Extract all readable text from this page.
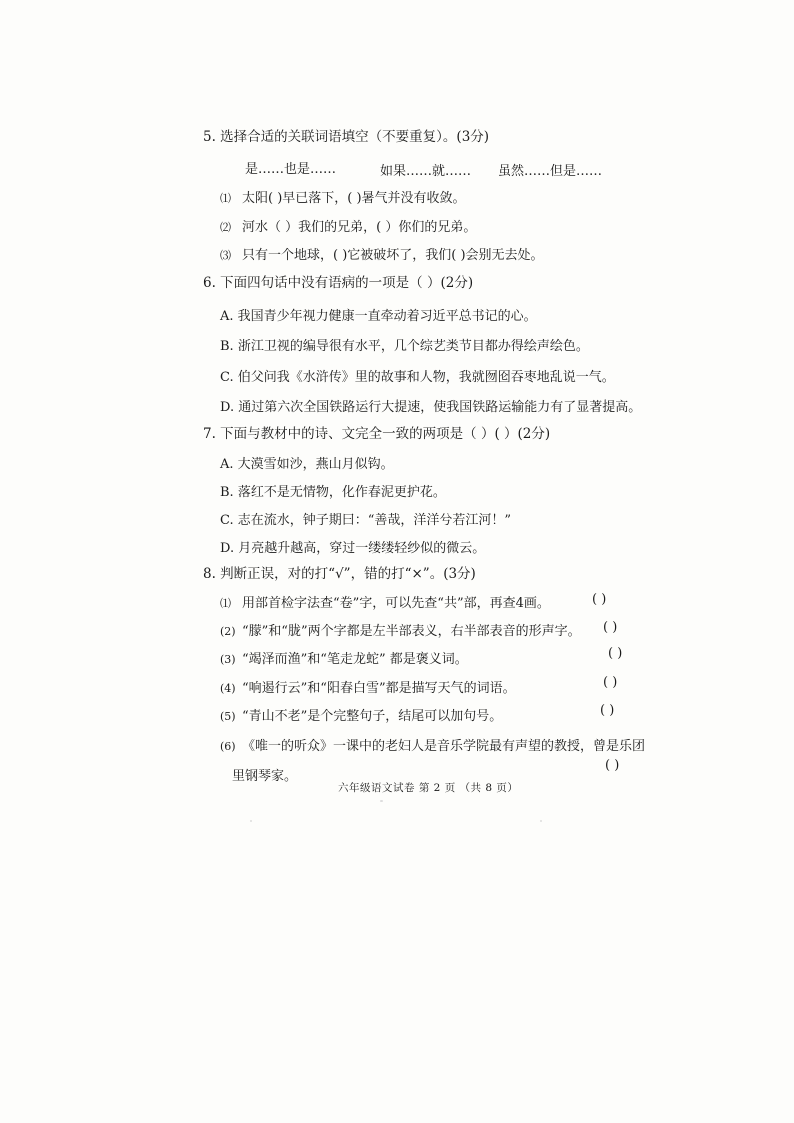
5. 选择合适的关联词语填空（不要重复）。(3分)
是……也是……	如果……就…… 虽然……但是……
⑴ 太阳( )早已落下，( )暑气并没有收敛。
⑵ 河水（ ）我们的兄弟，( ）你们的兄弟。
⑶ 只有一个地球，( )它被破坏了，我们( )会别无去处。
6. 下面四句话中没有语病的一项是（ ）(2分)
A. 我国青少年视力健康一直牵动着习近平总书记的心。
B. 浙江卫视的编导很有水平，几个综艺类节目都办得绘声绘色。
C. 伯父问我《水浒传》里的故事和人物，我就囫囵吞枣地乱说一气。
D. 通过第六次全国铁路运行大提速，使我国铁路运输能力有了显著提高。
7. 下面与教材中的诗、文完全一致的两项是（ ）( ）(2分)
A. 大漠雪如沙，燕山月似钩。
B. 落红不是无情物，化作春泥更护花。
C. 志在流水，钟子期曰：“善哉，洋洋兮若江河！”
D. 月亮越升越高，穿过一缕缕轻纱似的微云。
8. 判断正误，对的打“√”，错的打“×”。(3分)
⑴ 用部首检字法查“卷”字，可以先查“共”部，再查4画。	( )
(2) “朦”和“胧”两个字都是左半部表义，右半部表音的形声字。 ( )
(3) “竭泽而渔”和“笔走龙蛇” 都是褒义词。	( )
(4) “响遏行云”和“阳春白雪”都是描写天气的词语。	( )
(5) “青山不老”是个完整句子，结尾可以加句号。	( )
(6) 《唯一的听众》一课中的老妇人是音乐学院最有声望的教授，曾是乐团
里钢琴家。
( )
六年级语文试卷 第 2 页 （共 8 页）
